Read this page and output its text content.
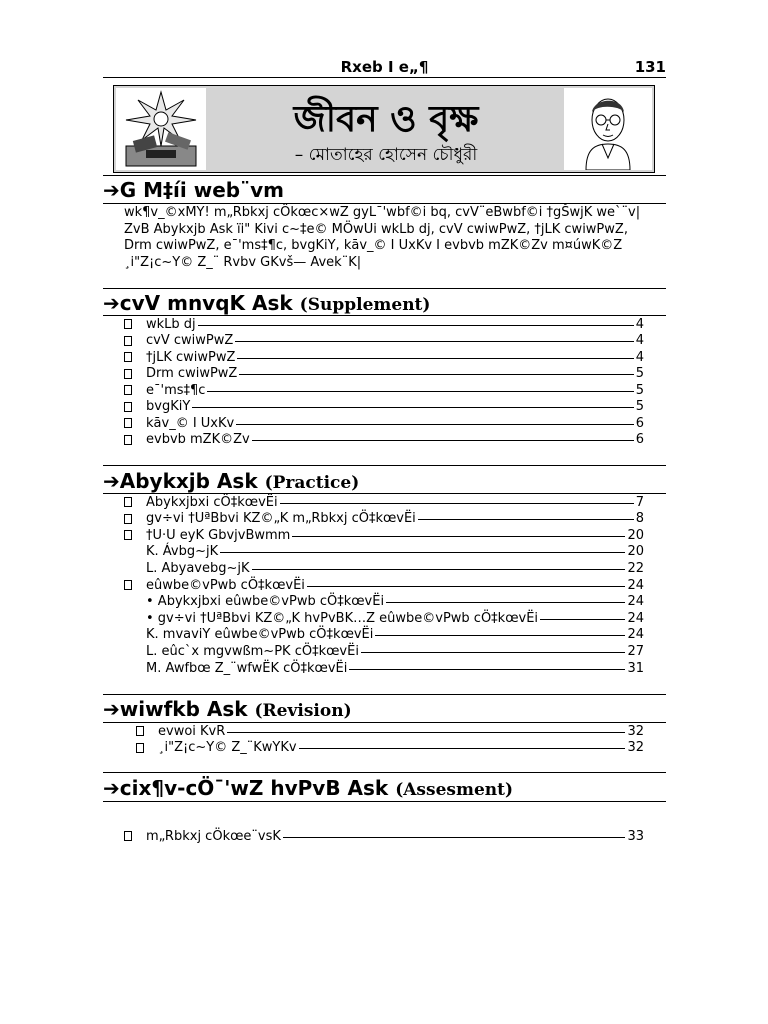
Rxeb I e„¶	131
জীবন ও বৃক্ষ
– মোতাহের হোসেন চৌধুরী
➔G M‡íi web¨vm
wk¶v_©xMY! m„Rbkxj cÖkœc×wZ gyL¯'wbf©i bq, cvV¨eBwbf©i †gŠwjK we`¨v| ZvB Abykxjb Ask ïi" Kivi c~‡e© MÖwUi wkLb dj, cvV cwiwPwZ, †jLK cwiwPwZ, Drm cwiwPwZ, e¯'ms‡¶c, bvgKiY, kāv_© I UxKv I evbvb mZK©Zv m¤úwK©Z ¸i"Z¡c~Y© Z_¨ Rvbv GKvš— Avek¨K|
➔cvV mnvqK Ask (Supplement)
wkLb dj	4
cvV cwiwPwZ	4
†jLK cwiwPwZ	4
Drm cwiwPwZ	5
e¯'ms‡¶c	5
bvgKiY	5
kāv_© I UxKv	6
evbvb mZK©Zv	6
➔Abykxjb Ask (Practice)
Abykxjbxi cÖ‡kœvËi	7
gv÷vi †UªBbvi KZ©„K m„Rbkxj cÖ‡kœvËi	8
†U·U eyK GbvjvBwmm	20
K. Ávbg~jK	20
L. Abyavebg~jK	22
eûwbe©vPwb cÖ‡kœvËi	24
• Abykxjbxi eûwbe©vPwb cÖ‡kœvËi	24
• gv÷vi †UªBbvi KZ©„K hvPvBK…Z eûwbe©vPwb cÖ‡kœvËi	24
K. mvaviY eûwbe©vPwb cÖ‡kœvËi	24
L. eûc`x mgvwßm~PK cÖ‡kœvËi	27
M. Awfbœ Z_¨wfwËK cÖ‡kœvËi	31
➔wiwfkb Ask (Revision)
evwoi KvR	32
¸i"Z¡c~Y© Z_¨KwYKv	32
➔cix¶v-cÖ¯'wZ hvPvB Ask (Assesment)
m„Rbkxj cÖkœe¨vsK	33
